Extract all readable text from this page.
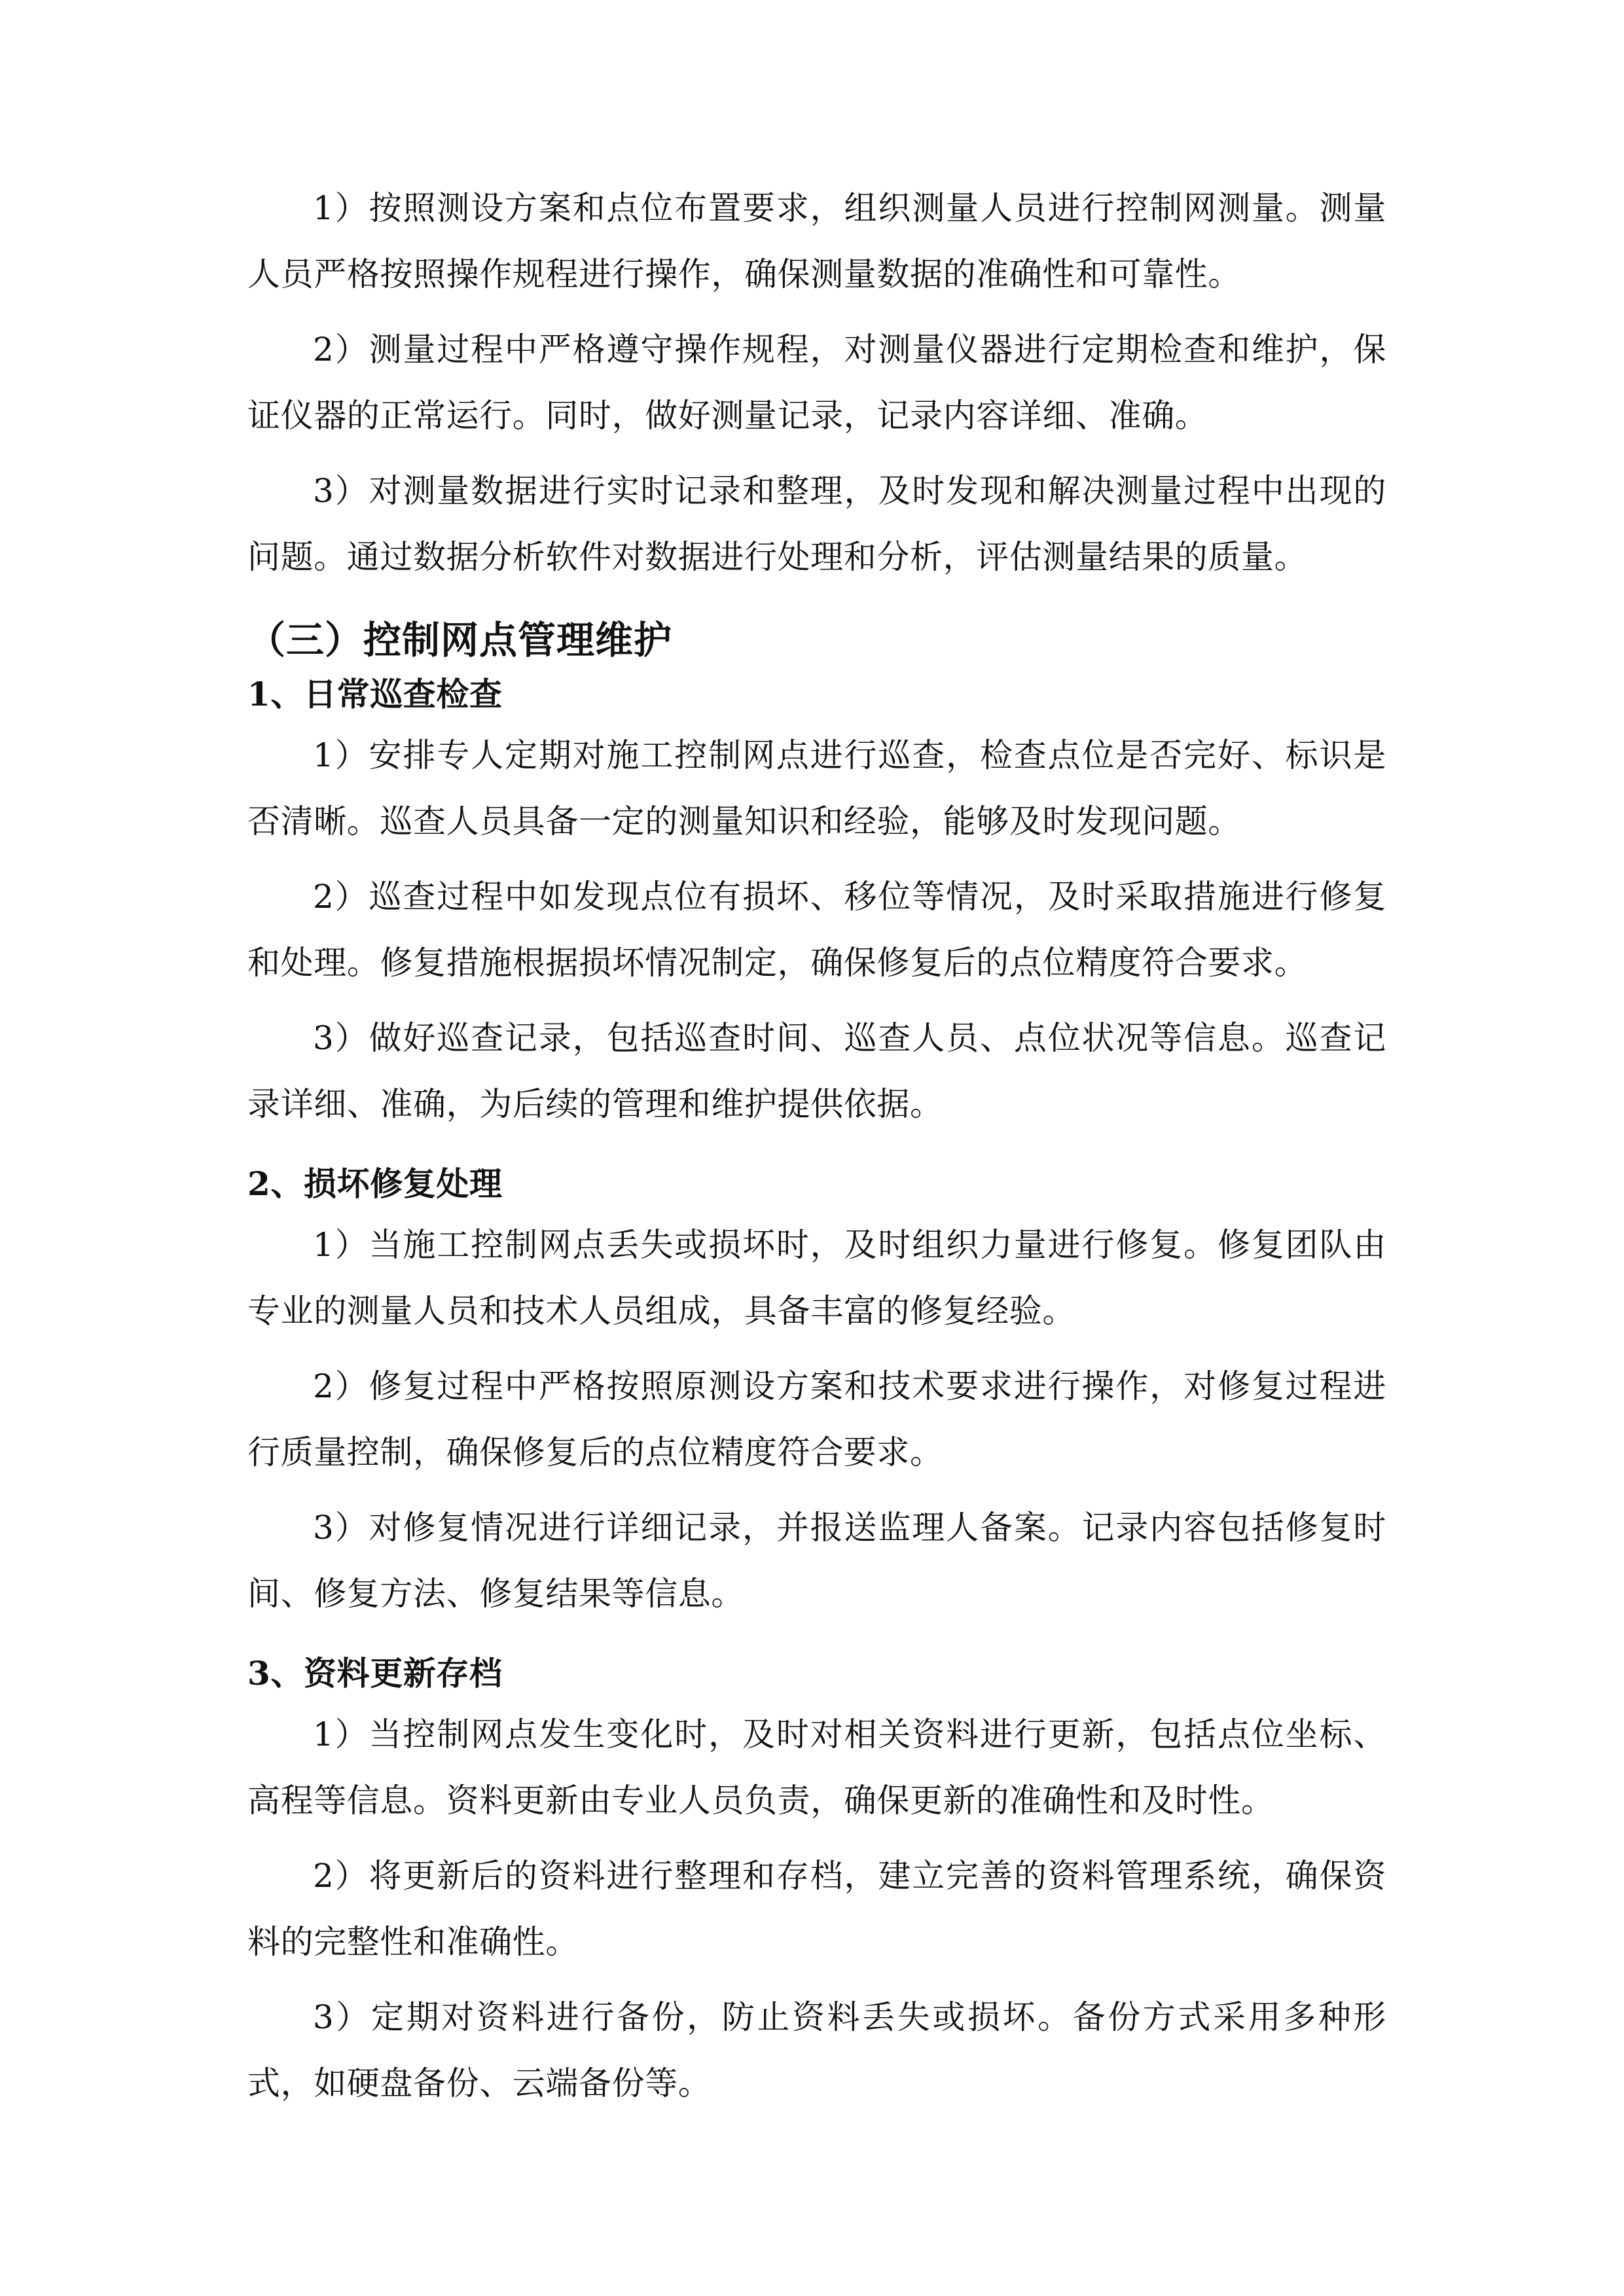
1）按照测设方案和点位布置要求，组织测量人员进行控制网测量。测量人员严格按照操作规程进行操作，确保测量数据的准确性和可靠性。

2）测量过程中严格遵守操作规程，对测量仪器进行定期检查和维护，保证仪器的正常运行。同时，做好测量记录，记录内容详细、准确。

3）对测量数据进行实时记录和整理，及时发现和解决测量过程中出现的问题。通过数据分析软件对数据进行处理和分析，评估测量结果的质量。

（三）控制网点管理维护
1、日常巡查检查

1）安排专人定期对施工控制网点进行巡查，检查点位是否完好、标识是否清晰。巡查人员具备一定的测量知识和经验，能够及时发现问题。

2）巡查过程中如发现点位有损坏、移位等情况，及时采取措施进行修复和处理。修复措施根据损坏情况制定，确保修复后的点位精度符合要求。

3）做好巡查记录，包括巡查时间、巡查人员、点位状况等信息。巡查记录详细、准确，为后续的管理和维护提供依据。

2、损坏修复处理

1）当施工控制网点丢失或损坏时，及时组织力量进行修复。修复团队由专业的测量人员和技术人员组成，具备丰富的修复经验。

2）修复过程中严格按照原测设方案和技术要求进行操作，对修复过程进行质量控制，确保修复后的点位精度符合要求。

3）对修复情况进行详细记录，并报送监理人备案。记录内容包括修复时间、修复方法、修复结果等信息。

3、资料更新存档

1）当控制网点发生变化时，及时对相关资料进行更新，包括点位坐标、高程等信息。资料更新由专业人员负责，确保更新的准确性和及时性。

2）将更新后的资料进行整理和存档，建立完善的资料管理系统，确保资料的完整性和准确性。

3）定期对资料进行备份，防止资料丢失或损坏。备份方式采用多种形式，如硬盘备份、云端备份等。
